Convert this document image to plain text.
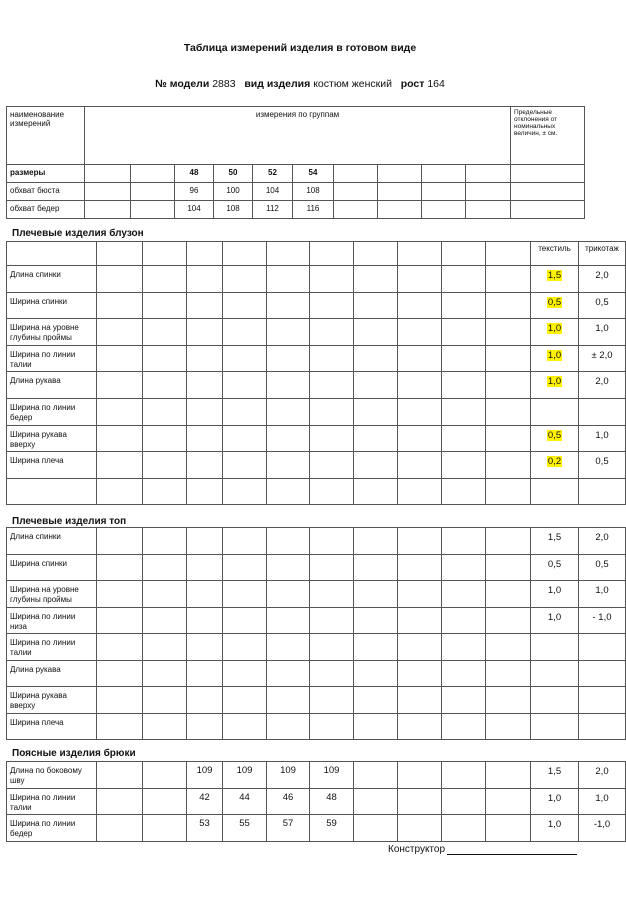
Таблица измерений изделия в готовом виде
№ модели 2883 вид изделия костюм женский рост 164
наименование измерений	измерения по группам										Предельные отклонения от номинальных величин, ± см.
размеры			48	50	52	54					
обхват бюста			96	100	104	108					
обхват бедер			104	108	112	116					
Плечевые изделия блузон
											текстиль	трикотаж
Длина спинки											1,5	2,0
Ширина спинки											0,5	0,5
Ширина на уровне глубины проймы											1,0	1,0
Ширина по линии талии											1,0	± 2,0
Длина рукава											1,0	2,0
Ширина по линии бедер												
Ширина рукава вверху											0,5	1,0
Ширина плеча											0,2	0,5

Плечевые изделия топ
Длина спинки											1,5	2,0
Ширина спинки											0,5	0,5
Ширина на уровне глубины проймы											1,0	1,0
Ширина по линии низа											1,0	- 1,0
Ширина по линии талии												
Длина рукава												
Ширина рукава вверху												
Ширина плеча												
Поясные изделия брюки
Длина по боковому шву			109	109	109	109					1,5	2,0
Ширина по линии талии			42	44	46	48					1,0	1,0
Ширина по линии бедер			53	55	57	59					1,0	-1,0
Конструктор
